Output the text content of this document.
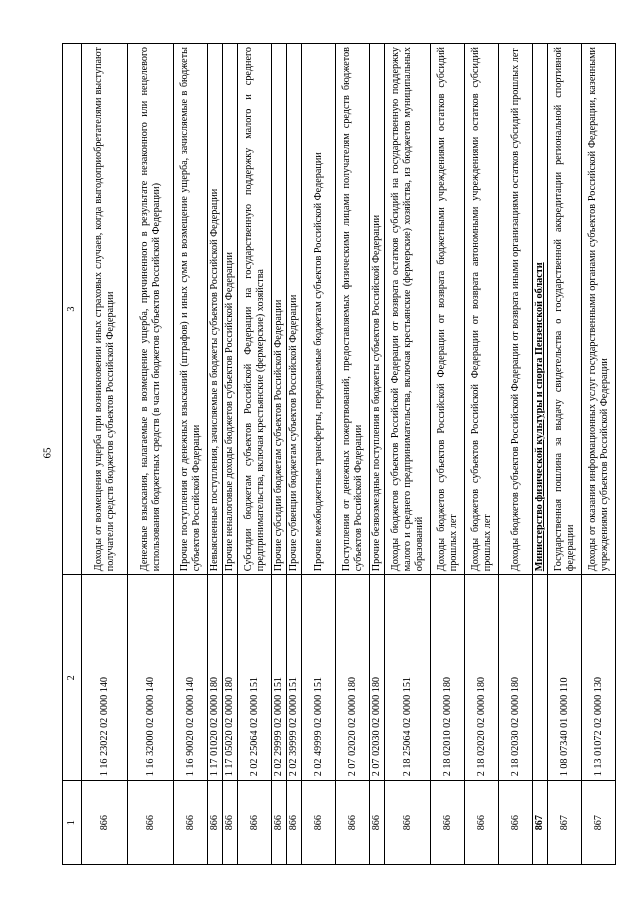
65
1	2	3
866	1 16 23022 02 0000 140	Доходы от возмещения ущерба при возникновении иных страховых случаев, когда выгодоприобретателями выступают получатели средств бюджетов субъектов Российской Федерации
866	1 16 32000 02 0000 140	Денежные взыскания, налагаемые в возмещение ущерба, причиненного в результате незаконного или нецелевого использования бюджетных средств (в части бюджетов субъектов Российской Федерации)
866	1 16 90020 02 0000 140	Прочие поступления от денежных взысканий (штрафов) и иных сумм в возмещение ущерба, зачисляемые в бюджеты субъектов Российской Федерации
866	1 17 01020 02 0000 180	Невыясненные поступления, зачисляемые в бюджеты субъектов Российской Федерации
866	1 17 05020 02 0000 180	Прочие неналоговые доходы бюджетов субъектов Российской Федерации
866	2 02 25064 02 0000 151	Субсидии бюджетам субъектов Российской Федерации на государственную поддержку малого и среднего предпринимательства, включая крестьянские (фермерские) хозяйства
866	2 02 29999 02 0000 151	Прочие субсидии бюджетам субъектов Российской Федерации
866	2 02 39999 02 0000 151	Прочие субвенции бюджетам субъектов Российской Федерации
866	2 02 49999 02 0000 151	Прочие межбюджетные трансферты, передаваемые бюджетам субъектов Российской Федерации
866	2 07 02020 02 0000 180	Поступления от денежных пожертвований, предоставляемых физическими лицами получателям средств бюджетов субъектов Российской Федерации
866	2 07 02030 02 0000 180	Прочие безвозмездные поступления в бюджеты субъектов Российской Федерации
866	2 18 25064 02 0000 151	Доходы бюджетов субъектов Российской Федерации от возврата остатков субсидий на государственную поддержку малого и среднего предпринимательства, включая крестьянские (фермерские) хозяйства, из бюджетов муниципальных образований
866	2 18 02010 02 0000 180	Доходы бюджетов субъектов Российской Федерации от возврата бюджетными учреждениями остатков субсидий прошлых лет
866	2 18 02020 02 0000 180	Доходы бюджетов субъектов Российской Федерации от возврата автономными учреждениями остатков субсидий прошлых лет
866	2 18 02030 02 0000 180	Доходы бюджетов субъектов Российской Федерации от возврата иными организациями остатков субсидий прошлых лет
867		Министерство физической культуры и спорта Пензенской области
867	1 08 07340 01 0000 110	Государственная пошлина за выдачу свидетельства о государственной аккредитации региональной спортивной федерации
867	1 13 01072 02 0000 130	Доходы от оказания информационных услуг государственными органами субъектов Российской Федерации, казенными учреждениями субъектов Российской Федерации
